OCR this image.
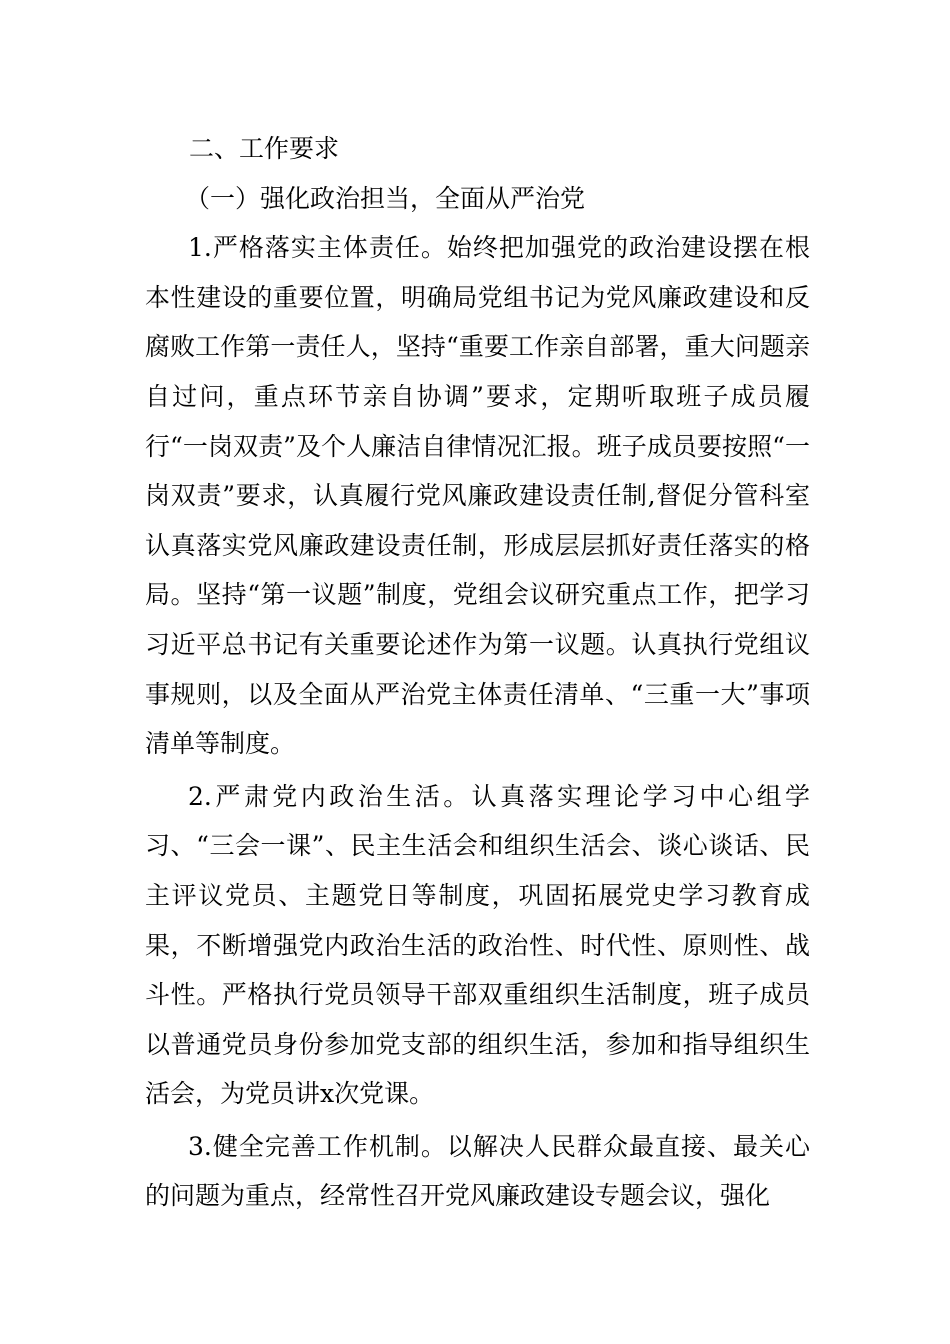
二、工作要求

（一）强化政治担当，全面从严治党

1.严格落实主体责任。始终把加强党的政治建设摆在根本性建设的重要位置，明确局党组书记为党风廉政建设和反腐败工作第一责任人，坚持“重要工作亲自部署，重大问题亲自过问，重点环节亲自协调”要求，定期听取班子成员履行“一岗双责”及个人廉洁自律情况汇报。班子成员要按照“一岗双责”要求，认真履行党风廉政建设责任制,督促分管科室认真落实党风廉政建设责任制，形成层层抓好责任落实的格局。坚持“第一议题”制度，党组会议研究重点工作，把学习习近平总书记有关重要论述作为第一议题。认真执行党组议事规则，以及全面从严治党主体责任清单、“三重一大”事项清单等制度。

2.严肃党内政治生活。认真落实理论学习中心组学习、“三会一课”、民主生活会和组织生活会、谈心谈话、民主评议党员、主题党日等制度，巩固拓展党史学习教育成果，不断增强党内政治生活的政治性、时代性、原则性、战斗性。严格执行党员领导干部双重组织生活制度，班子成员以普通党员身份参加党支部的组织生活，参加和指导组织生活会，为党员讲x次党课。

3.健全完善工作机制。以解决人民群众最直接、最关心的问题为重点，经常性召开党风廉政建设专题会议，强化
